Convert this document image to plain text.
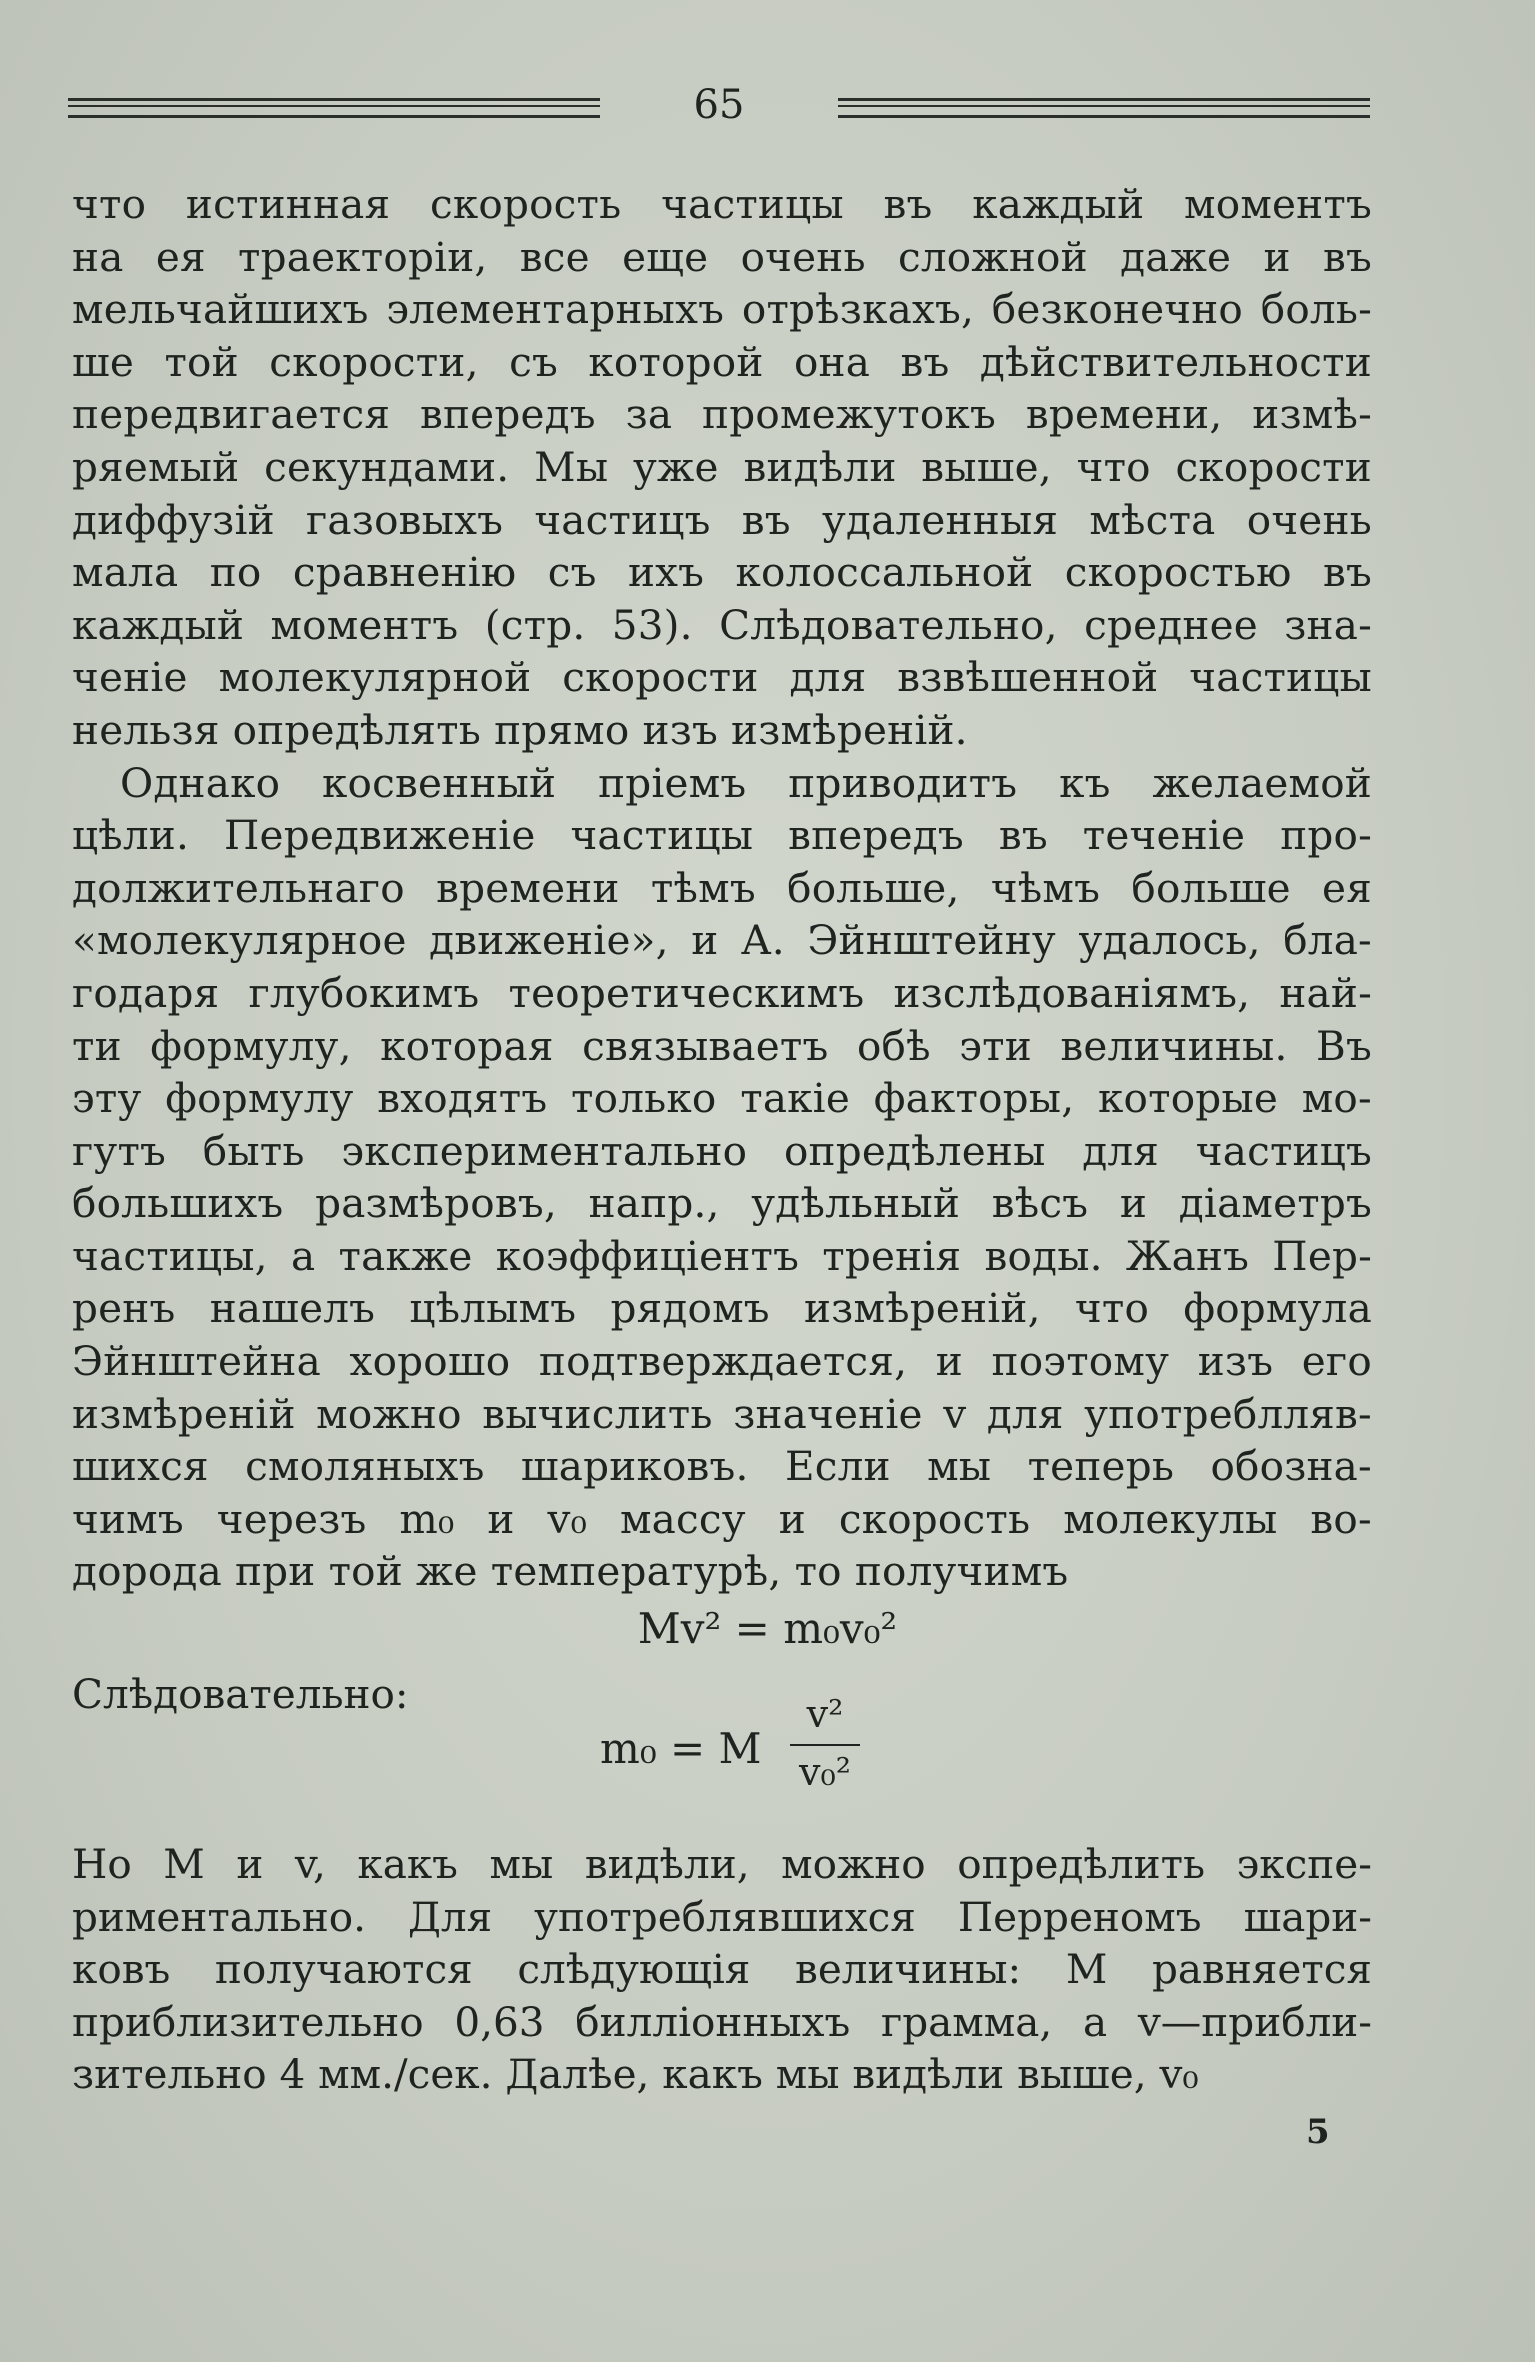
65
что истинная скорость частицы въ каждый моментъ
на ея траекторіи, все еще очень сложной даже и въ
мельчайшихъ элементарныхъ отрѣзкахъ, безконечно боль-
ше той скорости, съ которой она въ дѣйствительности
передвигается впередъ за промежутокъ времени, измѣ-
ряемый секундами. Мы уже видѣли выше, что скорости
диффузій газовыхъ частицъ въ удаленныя мѣста очень
мала по сравненію съ ихъ колоссальной скоростью въ
каждый моментъ (стр. 53). Слѣдовательно, среднее зна-
ченіе молекулярной скорости для взвѣшенной частицы
нельзя опредѣлять прямо изъ измѣреній.
Однако косвенный пріемъ приводитъ къ желаемой
цѣли. Передвиженіе частицы впередъ въ теченіе про-
должительнаго времени тѣмъ больше, чѣмъ больше ея
«молекулярное движеніе», и А. Эйнштейну удалось, бла-
годаря глубокимъ теоретическимъ изслѣдованіямъ, най-
ти формулу, которая связываетъ обѣ эти величины. Въ
эту формулу входятъ только такіе факторы, которые мо-
гутъ быть экспериментально опредѣлены для частицъ
большихъ размѣровъ, напр., удѣльный вѣсъ и діаметръ
частицы, а также коэффиціентъ тренія воды. Жанъ Пер-
ренъ нашелъ цѣлымъ рядомъ измѣреній, что формула
Эйнштейна хорошо подтверждается, и поэтому изъ его
измѣреній можно вычислить значеніе v для употреблляв-
шихся смоляныхъ шариковъ. Если мы теперь обозна-
чимъ черезъ m₀ и v₀ массу и скорость молекулы во-
дорода при той же температурѣ, то получимъ
Mv² = m₀v₀²
Слѣдовательно:
m₀ = M
v²
v₀²
Но M и v, какъ мы видѣли, можно опредѣлить экспе-
риментально. Для употреблявшихся Перреномъ шари-
ковъ получаются слѣдующія величины: M равняется
приблизительно 0,63 биллiонныхъ грамма, а v—прибли-
зительно 4 мм./сек. Далѣе, какъ мы видѣли выше, v₀
5
